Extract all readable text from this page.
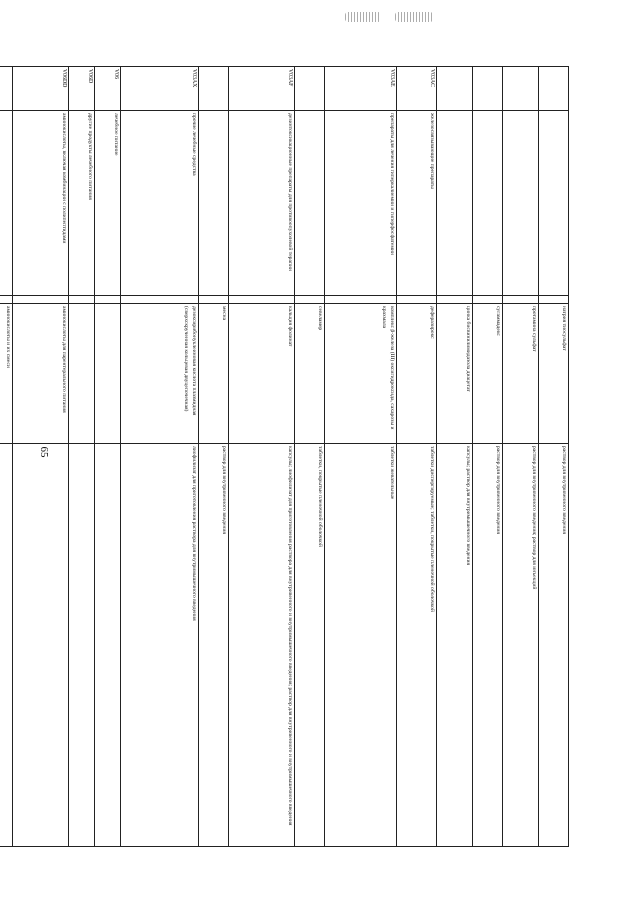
65
			натрия тиосульфат	раствор для внутривенного введения
			протамина сульфат	раствор для внутривенного введения; раствор для инъекций
			сугаммадекс	раствор для внутривенного введения
			цинка бисвинилимидазола диацетат	капсулы; раствор для внутримышечного введения
V03AC	железосвязывающие препараты		деферазирокс	таблетки диспергируемые; таблетки, покрытые пленочной оболочкой
V03AE	препараты для лечения гиперкалиемии и гиперфосфатемии		комплекс β-железа (III) оксигидроксида, сахарозы и крахмала	таблетки жевательные
			севеламер	таблетки, покрытые пленочной оболочкой
V03AF	дезинтоксикационные препараты для противоопухолевой терапии		кальция фолинат	капсулы; лиофилизат для приготовления раствора для внутривенного и внутримышечного введения; раствор для внутривенного и внутримышечного введения
			месна	раствор для внутривенного введения
V03AX	прочие лечебные средства		дезоксирибонуклеиновая кислота плазмидная (сверхскрученная кольцевая двуцепочечная)	лиофилизат для приготовления раствора для внутримышечного введения
V06	лечебное питание			
V06D	другие продукты лечебного питания			
V06DD	аминокислоты, включая комбинации с полипептидами		аминокислоты для парентерального питания	
			аминокислоты и их смеси	
